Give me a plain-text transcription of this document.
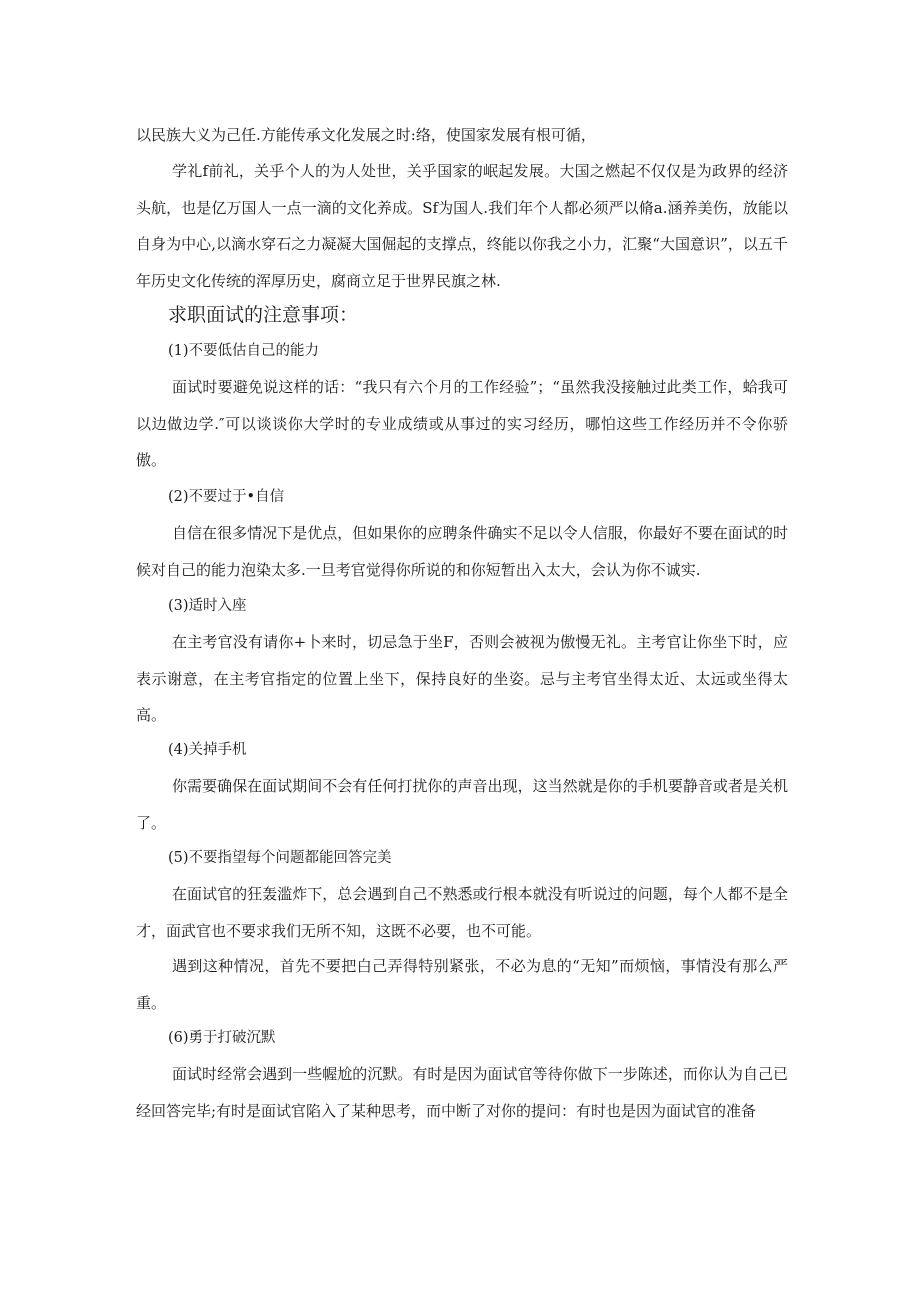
以民族大义为己任.方能传承文化发展之时:络，使国家发展有根可循，

学礼f前礼，关乎个人的为人处世，关乎国家的岷起发展。大国之燃起不仅仅是为政界的经济头航，也是亿万国人一点一滴的文化养成。Sf为国人.我们年个人都必须严以脩a.涵养美伤，放能以自身为中心,以滴水穿石之力凝凝大国倔起的支撑点，终能以你我之小力，汇聚“大国意识”，以五千年历史文化传统的浑厚历史，腐商立足于世界民旗之林.

求职面试的注意事项：

(1)不要低估自己的能力

面试时要避免说这样的话：“我只有六个月的工作经验”；“虽然我没接触过此类工作，蛤我可以边做边学.″可以谈谈你大学时的专业成绩或从事过的实习经历，哪怕这些工作经历并不令你骄傲。

(2)不要过于•自信

自信在很多情况下是优点，但如果你的应聘条件确实不足以令人信服，你最好不要在面试的时候对自己的能力泡染太多.一旦考官觉得你所说的和你短暂出入太大，会认为你不诚实.

(3)适时入座

在主考官没有请你+卜来时，切忌急于坐F，否则会被视为傲慢无礼。主考官让你坐下时，应表示谢意，在主考官指定的位置上坐下，保持良好的坐姿。忌与主考官坐得太近、太远或坐得太高。

(4)关掉手机

你需要确保在面试期间不会有任何打扰你的声音出现，这当然就是你的手机要静音或者是关机了。

(5)不要指望每个问题都能回答完美

在面试官的狂轰滥炸下，总会遇到自己不熟悉或行根本就没有听说过的问题，每个人都不是全才，面武官也不要求我们无所不知，这既不必要，也不可能。

遇到这种情况，首先不要把白己弄得特别紧张，不必为息的“无知”而烦恼，事情没有那么严重。

(6)勇于打破沉默

面试时经常会遇到一些幄尬的沉默。有时是因为面试官等待你做下一步陈述，而你认为自己已经回答完毕;有时是面试官陷入了某种思考，而中断了对你的提问：有时也是因为面试官的准备
